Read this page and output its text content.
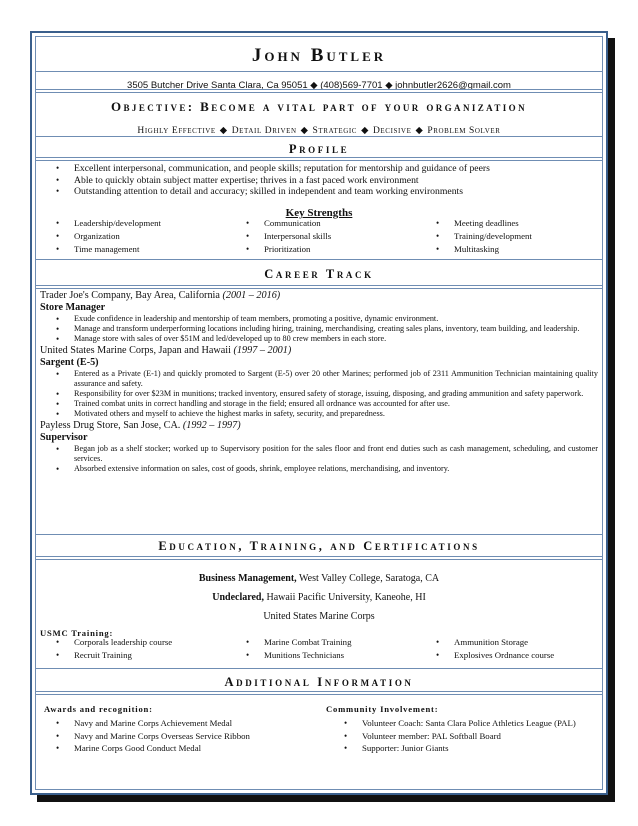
John Butler
3505 Butcher Drive Santa Clara, Ca 95051 ◆ (408)569-7701 ◆ johnbutler2626@gmail.com
Objective: Become a vital part of your organization
Highly Effective ◆ Detail Driven ◆ Strategic ◆ Decisive ◆ Problem Solver
Profile
• Excellent interpersonal, communication, and people skills; reputation for mentorship and guidance of peers
• Able to quickly obtain subject matter expertise; thrives in a fast paced work environment
• Outstanding attention to detail and accuracy; skilled in independent and team working environments
Key Strengths
• Leadership/development
• Organization
• Time management
• Communication
• Interpersonal skills
• Prioritization
• Meeting deadlines
• Training/development
• Multitasking
Career Track
Trader Joe's Company, Bay Area, California (2001 – 2016)
Store Manager
• Exude confidence in leadership and mentorship of team members, promoting a positive, dynamic environment.
• Manage and transform underperforming locations including hiring, training, merchandising, creating sales plans, inventory, team building, and leadership.
• Manage store with sales of over $51M and led/developed up to 80 crew members in each store.
United States Marine Corps, Japan and Hawaii (1997 – 2001)
Sargent (E-5)
• Entered as a Private (E-1) and quickly promoted to Sargent (E-5) over 20 other Marines; performed job of 2311 Ammunition Technician maintaining quality assurance and safety.
• Responsibility for over $23M in munitions; tracked inventory, ensured safety of storage, issuing, disposing, and grading ammunition and safety paperwork.
• Trained combat units in correct handling and storage in the field; ensured all ordnance was accounted for after use.
• Motivated others and myself to achieve the highest marks in safety, security, and preparedness.
Payless Drug Store, San Jose, CA. (1992 – 1997)
Supervisor
• Began job as a shelf stocker; worked up to Supervisory position for the sales floor and front end duties such as cash management, scheduling, and customer services.
• Absorbed extensive information on sales, cost of goods, shrink, employee relations, merchandising, and inventory.
Education, Training, and Certifications
Business Management, West Valley College, Saratoga, CA
Undeclared, Hawaii Pacific University, Kaneohe, HI
United States Marine Corps
USMC Training:
• Corporals leadership course
• Recruit Training
• Marine Combat Training
• Munitions Technicians
• Ammunition Storage
• Explosives Ordnance course
Additional Information
Awards and recognition:
• Navy and Marine Corps Achievement Medal
• Navy and Marine Corps Overseas Service Ribbon
• Marine Corps Good Conduct Medal
Community Involvement:
• Volunteer Coach: Santa Clara Police Athletics League (PAL)
• Volunteer member: PAL Softball Board
• Supporter: Junior Giants
